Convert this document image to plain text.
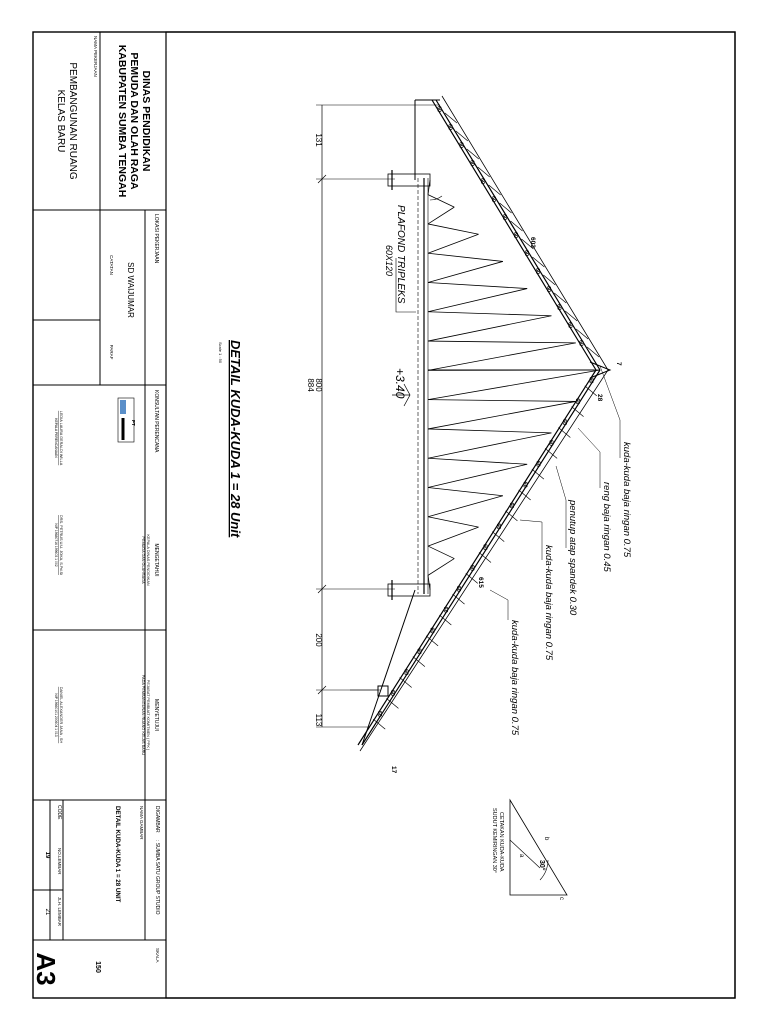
DINAS PENDIDIKAN
PEMUDA DAN OLAH RAGA
KABUPATEN SUMBA TENGAH
NAMA PEKERJAAN
PEMBANGUNAN RUANG
KELAS BARU
LOKASI PEKERJAAN
SD WAIJUMAR
CATATAN
PARAF
KONSULTAN PERENCANA
PT
LEDIA LAURA GERALDI WILLA
KEPALA PERENCANAAN
MENGETAHUI
KEPALA DINAS PENDIDIKAN
PEMUDA DAN OLAHRAGA
DRS. PETRUS U.U. JOKA, S.Pd.Si
NIP 19680716 199603 1 002
MENYETUJUI
PEJABAT PEMBUAT KOMITMEN ( PPK )
PADA PEMBANGUNAN RUANG KELAS BARU
DANIEL ALEXANDER JANA , SH
NIP 19660101 200604 1 013
DIGAMBAR
: SUMBA SATU GROUP STUDIO
NAMA GAMBAR
DETAIL KUDA-KUDA 1 = 28 UNIT
CODE
NO.LEMBAR
19
JLH. LEMBAR
21
SKALA
150
A3
DETAIL KUDA-KUDA 1 = 28 Unit
Scale 1 : 50
60
60
60
60
60
60
60
60
60
60
60
60
60
60
60
60
60
60
60
60
60
60
60
60
60
60
60
60
60
60
60
603
615
7
28
17
PLAFOND TRIPLEKS
60X120
+3.40
131
800
884
200
113
kuda-kuda baja ringan 0.75
reng baja ringan 0.45
penutup atap spandek 0.30
kuda-kuda baja ringan 0.75
kuda-kuda baja ringan 0.75
CETAKAN KUDA-KUDA
SUDUT KEMIRINGAN 30°	a
b
c
30°
